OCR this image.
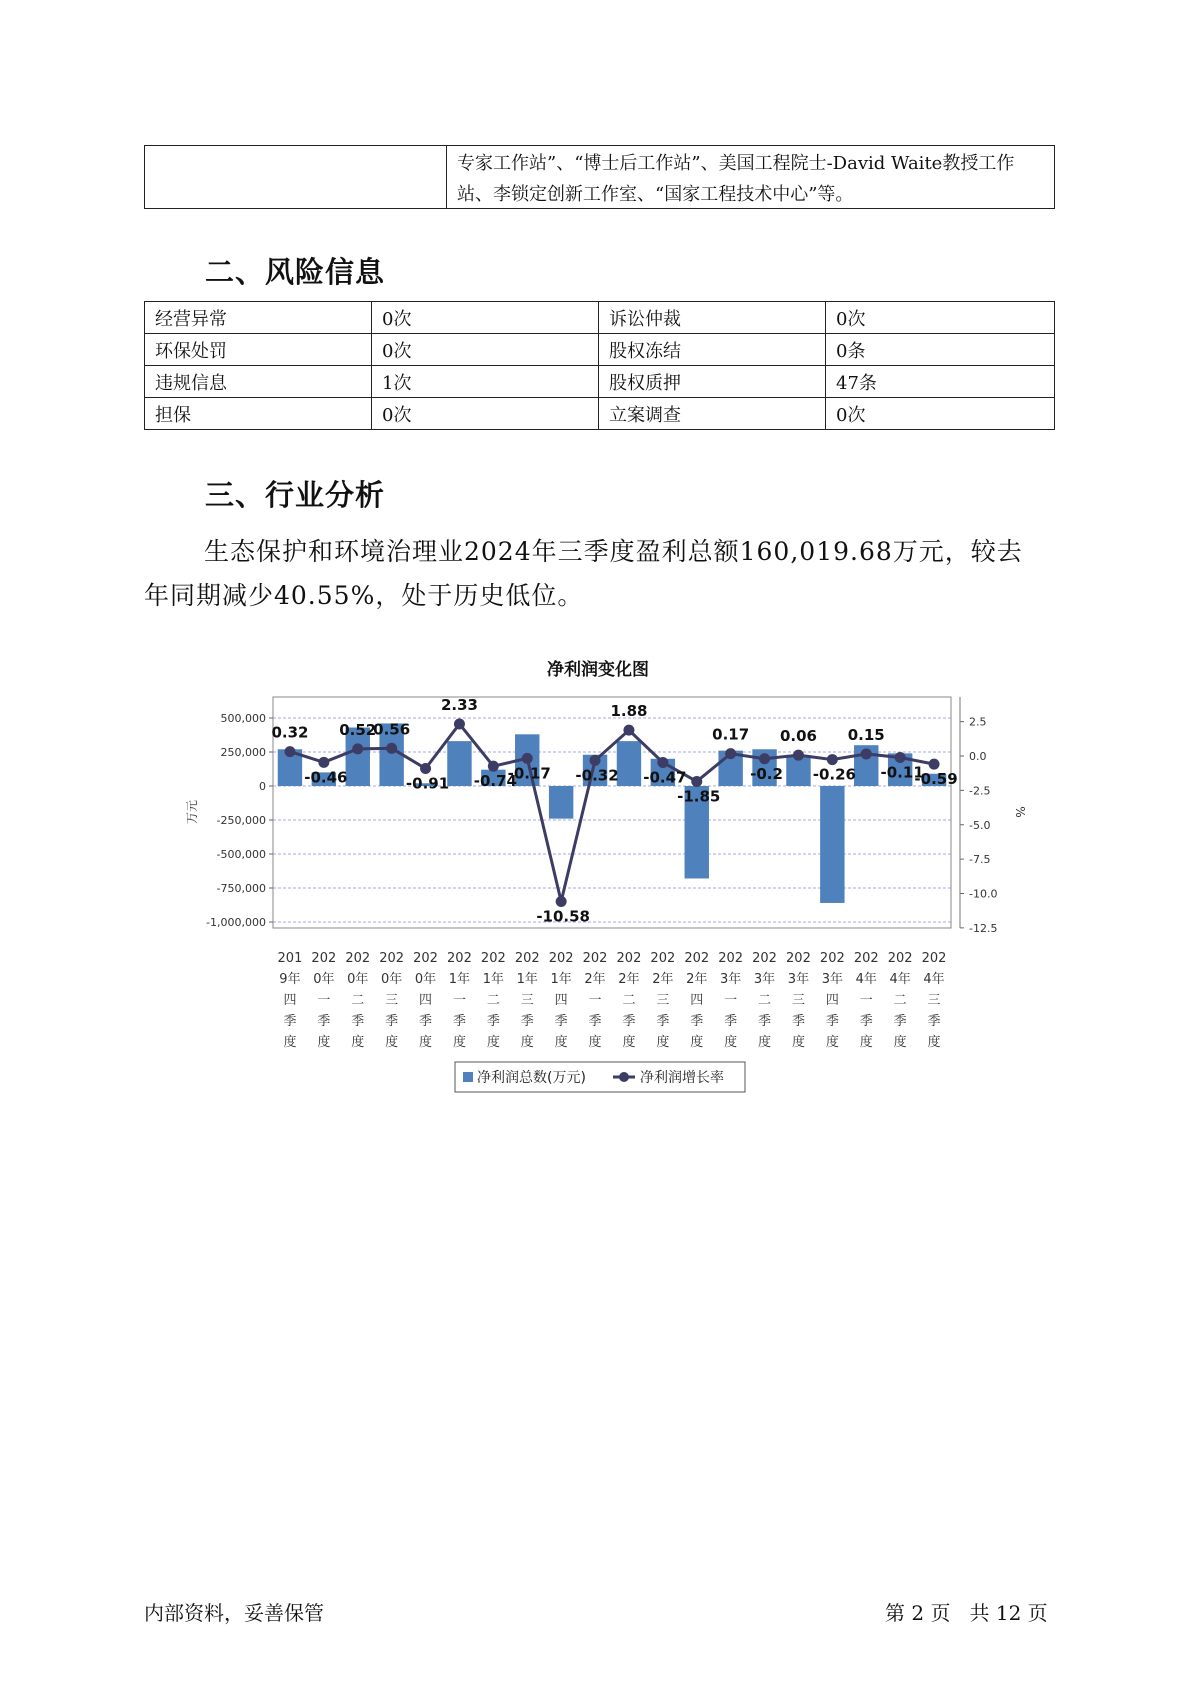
	专家工作站”、“博士后工作站”、美国工程院士-David Waite教授工作
站、李锁定创新工作室、“国家工程技术中心”等。
二、风险信息
经营异常	0次	诉讼仲裁	0次
环保处罚	0次	股权冻结	0条
违规信息	1次	股权质押	47条
担保	0次	立案调查	0次
三、行业分析
生态保护和环境治理业2024年三季度盈利总额160,019.68万元，较去
年同期减少40.55%，处于历史低位。
净利润变化图
500,000
250,000
0
-250,000
-500,000
-750,000
-1,000,000
2.5
0.0
-2.5
-5.0
-7.5
-10.0
-12.5
万元	%
201
9年
四
季
度
202
0年
一
季
度
202
0年
二
季
度
202
0年
三
季
度
202
0年
四
季
度
202
1年
一
季
度
202
1年
二
季
度
202
1年
三
季
度
202
1年
四
季
度
202
2年
一
季
度
202
2年
二
季
度
202
2年
三
季
度
202
2年
四
季
度
202
3年
一
季
度
202
3年
二
季
度
202
3年
三
季
度
202
3年
四
季
度
202
4年
一
季
度
202
4年
二
季
度
202
4年
三
季
度
0.32
-0.46
0.52
0.56
-0.91
2.33
-0.74
-0.17
-10.58
-0.32
1.88
-0.47
-1.85
0.17
-0.2
0.06
-0.26
0.15
-0.11
-0.59
净利润总数(万元)	净利润增长率
内部资料，妥善保管	第 2 页   共 12 页
